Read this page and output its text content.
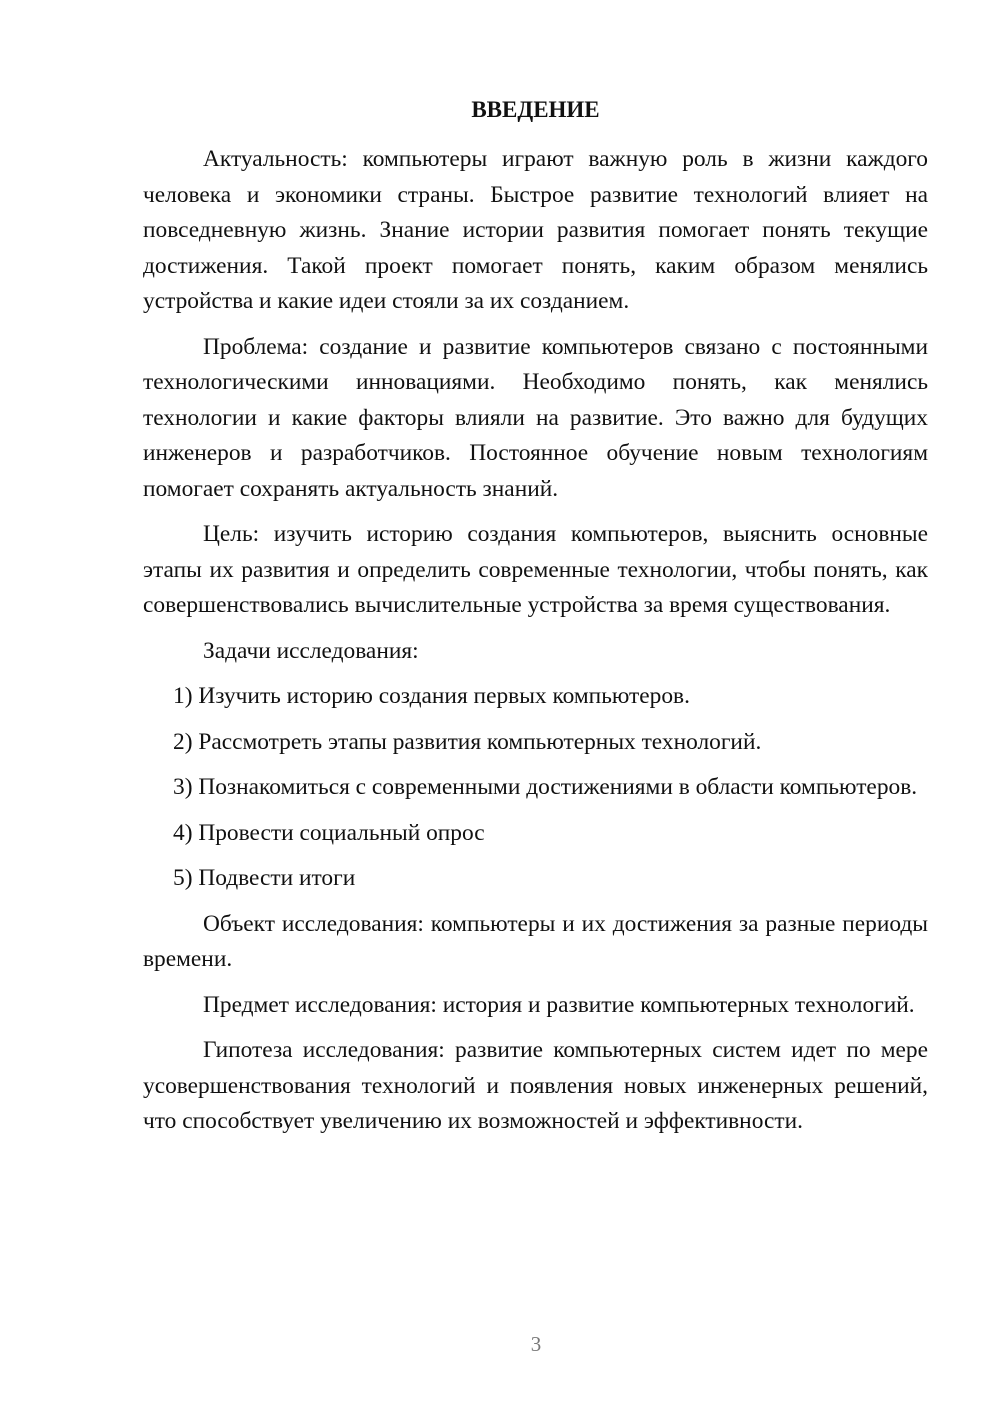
ВВЕДЕНИЕ

Актуальность: компьютеры играют важную роль в жизни каждого человека и экономики страны. Быстрое развитие технологий влияет на повседневную жизнь. Знание истории развития помогает понять текущие достижения. Такой проект помогает понять, каким образом менялись устройства и какие идеи стояли за их созданием.

Проблема: создание и развитие компьютеров связано с постоянными технологическими инновациями. Необходимо понять, как менялись технологии и какие факторы влияли на развитие. Это важно для будущих инженеров и разработчиков. Постоянное обучение новым технологиям помогает сохранять актуальность знаний.

Цель: изучить историю создания компьютеров, выяснить основные этапы их развития и определить современные технологии, чтобы понять, как совершенствовались вычислительные устройства за время существования.

Задачи исследования:

1) Изучить историю создания первых компьютеров.

2) Рассмотреть этапы развития компьютерных технологий.

3) Познакомиться с современными достижениями в области компьютеров.

4) Провести социальный опрос

5) Подвести итоги

Объект исследования: компьютеры и их достижения за разные периоды времени.

Предмет исследования: история и развитие компьютерных технологий.

Гипотеза исследования: развитие компьютерных систем идет по мере усовершенствования технологий и появления новых инженерных решений, что способствует увеличению их возможностей и эффективности.

3
